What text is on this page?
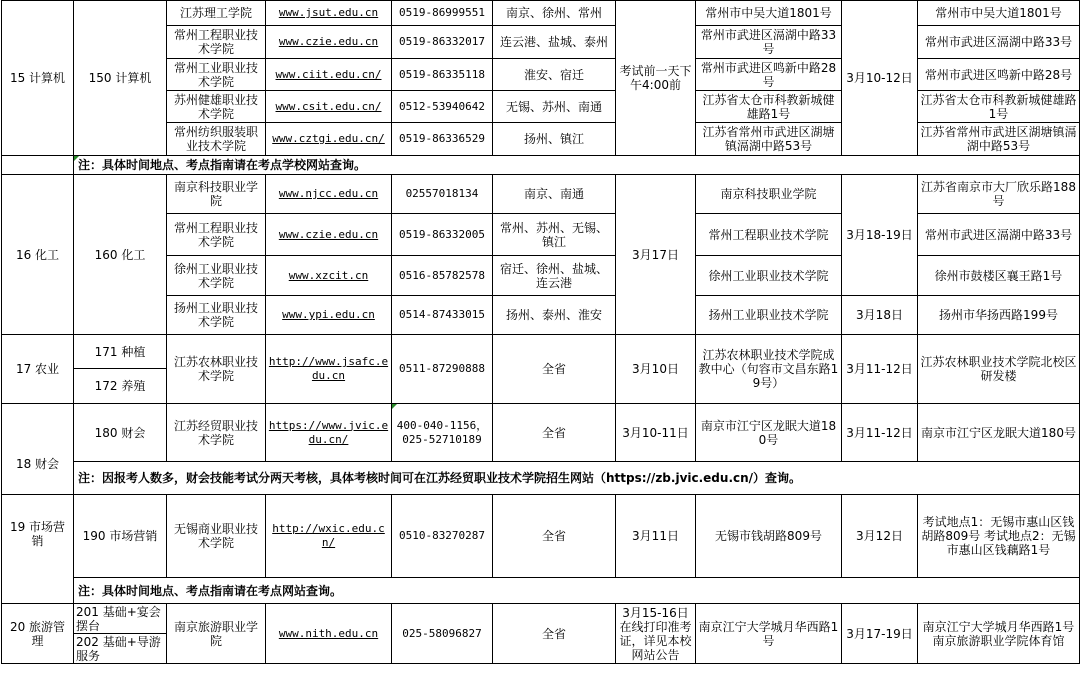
15 计算机	150 计算机	江苏理工学院	www.jsut.edu.cn	0519-86999551	南京、徐州、常州	考试前一天下午4:00前	常州市中吴大道1801号	3月10-12日	常州市中吴大道1801号
		常州工程职业技术学院	www.czie.edu.cn	0519-86332017	连云港、盐城、泰州		常州市武进区滆湖中路33号		常州市武进区滆湖中路33号
		常州工业职业技术学院	www.ciit.edu.cn/	0519-86335118	淮安、宿迁		常州市武进区鸣新中路28号		常州市武进区鸣新中路28号
		苏州健雄职业技术学院	www.csit.edu.cn/	0512-53940642	无锡、苏州、南通		江苏省太仓市科教新城健雄路1号		江苏省太仓市科教新城健雄路1号
		常州纺织服装职业技术学院	www.cztgi.edu.cn/	0519-86336529	扬州、镇江		江苏省常州市武进区湖塘镇滆湖中路53号		江苏省常州市武进区湖塘镇滆湖中路53号
	注：具体时间地点、考点指南请在考点学校网站查询。								
16 化工	160 化工	南京科技职业学院	www.njcc.edu.cn	02557018134	南京、南通	3月17日	南京科技职业学院	3月18-19日	江苏省南京市大厂欣乐路188号
		常州工程职业技术学院	www.czie.edu.cn	0519-86332005	常州、苏州、无锡、镇江		常州工程职业技术学院		常州市武进区滆湖中路33号
		徐州工业职业技术学院	www.xzcit.cn	0516-85782578	宿迁、徐州、盐城、连云港		徐州工业职业技术学院		徐州市鼓楼区襄王路1号
		扬州工业职业技术学院	www.ypi.edu.cn	0514-87433015	扬州、泰州、淮安		扬州工业职业技术学院	3月18日	扬州市华扬西路199号
17 农业	171 种植	江苏农林职业技术学院	http://www.jsafc.edu.cn	0511-87290888	全省	3月10日	江苏农林职业技术学院成教中心（句容市文昌东路19号）	3月11-12日	江苏农林职业技术学院北校区研发楼
	172 养殖								
18 财会	180 财会	江苏经贸职业技术学院	https://www.jvic.edu.cn/	400-040-1156，025-52710189	全省	3月10-11日	南京市江宁区龙眠大道180号	3月11-12日	南京市江宁区龙眠大道180号
	注：因报考人数多，财会技能考试分两天考核，具体考核时间可在江苏经贸职业技术学院招生网站（https://zb.jvic.edu.cn/）查询。								
19 市场营销	190 市场营销	无锡商业职业技术学院	http://wxic.edu.cn/	0510-83270287	全省	3月11日	无锡市钱胡路809号	3月12日	考试地点1：无锡市惠山区钱胡路809号 考试地点2：无锡市惠山区钱藕路1号
	注：具体时间地点、考点指南请在考点网站查询。								
20 旅游管理	201 基础+宴会摆台	南京旅游职业学院	www.nith.edu.cn	025-58096827	全省	3月15-16日在线打印准考证，详见本校网站公告	南京江宁大学城月华西路1号	3月17-19日	南京江宁大学城月华西路1号南京旅游职业学院体育馆
	202 基础+导游服务								
